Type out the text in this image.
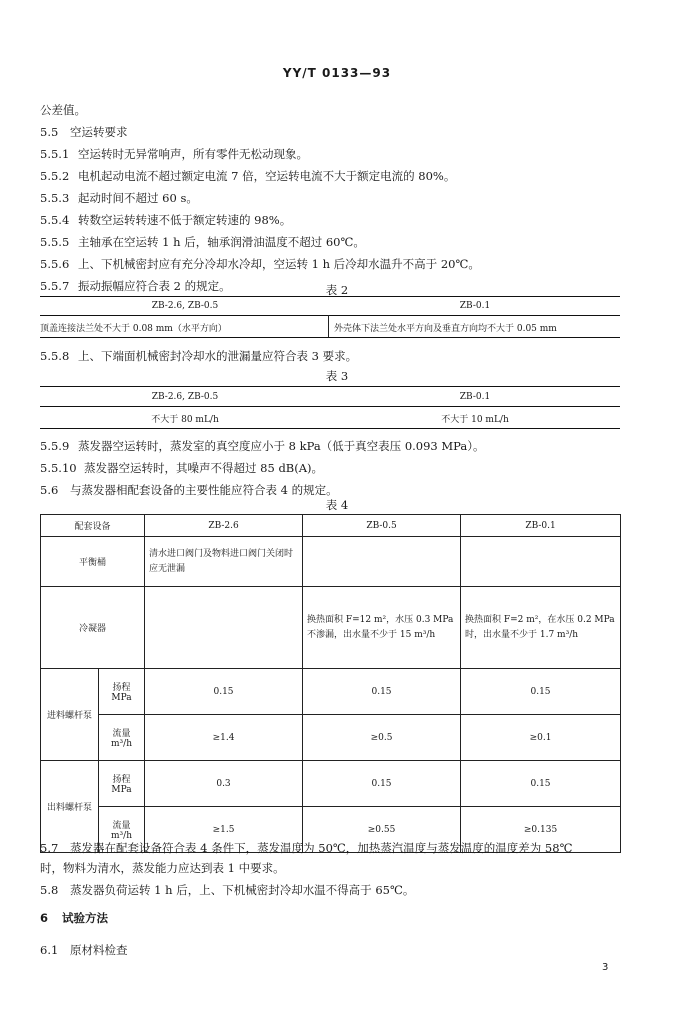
YY/T 0133—93
公差值。
5.5 空运转要求
5.5.1 空运转时无异常响声，所有零件无松动现象。
5.5.2 电机起动电流不超过额定电流 7 倍，空运转电流不大于额定电流的 80%。
5.5.3 起动时间不超过 60 s。
5.5.4 转数空运转转速不低于额定转速的 98%。
5.5.5 主轴承在空运转 1 h 后，轴承润滑油温度不超过 60℃。
5.5.6 上、下机械密封应有充分冷却水冷却，空运转 1 h 后冷却水温升不高于 20℃。
5.5.7 振动振幅应符合表 2 的规定。	表 2
ZB-2.6, ZB-0.5	ZB-0.1
顶盖连接法兰处不大于 0.08 mm（水平方向）	外壳体下法兰处水平方向及垂直方向均不大于 0.05 mm
5.5.8 上、下端面机械密封冷却水的泄漏量应符合表 3 要求。
表 3
ZB-2.6, ZB-0.5	ZB-0.1
不大于 80 mL/h	不大于 10 mL/h
5.5.9 蒸发器空运转时，蒸发室的真空度应小于 8 kPa（低于真空表压 0.093 MPa）。
5.5.10 蒸发器空运转时，其噪声不得超过 85 dB(A)。
5.6 与蒸发器相配套设备的主要性能应符合表 4 的规定。
表 4
配套设备		ZB-2.6	ZB-0.5	ZB-0.1
平衡桶		清水进口阀门及物料进口阀门关闭时应无泄漏		
冷凝器			换热面积 F=12 m²，水压 0.3 MPa 不渗漏，出水量不少于 15 m³/h	换热面积 F=2 m²，在水压 0.2 MPa 时，出水量不少于 1.7 m³/h
进料螺杆泵	扬程 MPa	0.15	0.15	0.15
	流量 m³/h	≥1.4	≥0.5	≥0.1
出料螺杆泵	扬程 MPa	0.3	0.15	0.15
	流量 m³/h	≥1.5	≥0.55	≥0.135
5.7 蒸发器在配套设备符合表 4 条件下，蒸发温度为 50℃，加热蒸汽温度与蒸发温度的温度差为 58℃
时，物料为清水，蒸发能力应达到表 1 中要求。
5.8 蒸发器负荷运转 1 h 后，上、下机械密封冷却水温不得高于 65℃。
6 试验方法
6.1 原材料检查
3
